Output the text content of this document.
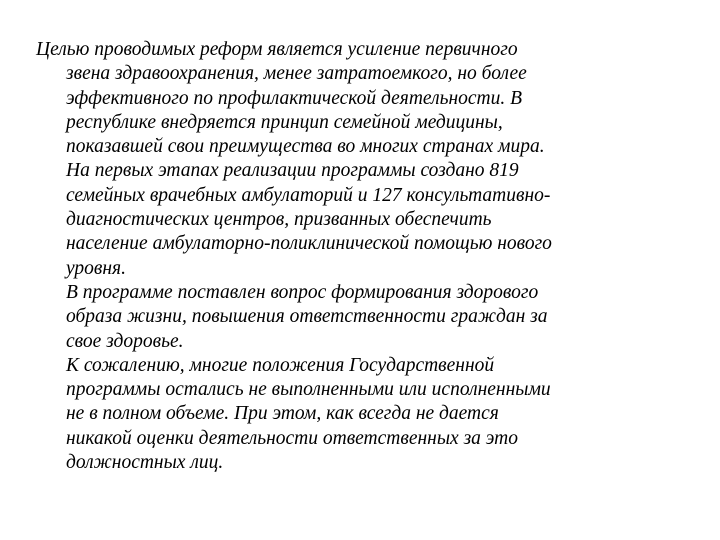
Целью проводимых реформ является усиление первичного
звена здравоохранения, менее затратоемкого, но более
эффективного по профилактической деятельности. В
республике внедряется принцип семейной медицины,
показавшей свои преимущества во многих странах мира.
На первых этапах реализации программы создано 819
семейных врачебных амбулаторий и 127 консультативно-
диагностических центров, призванных обеспечить
население амбулаторно-поликлинической помощью нового
уровня.
В программе поставлен вопрос формирования здорового
образа жизни, повышения ответственности граждан за
свое здоровье.
К сожалению, многие положения Государственной
программы остались не выполненными или исполненными
не в полном объеме. При этом, как всегда не дается
никакой оценки деятельности ответственных за это
должностных лиц.
